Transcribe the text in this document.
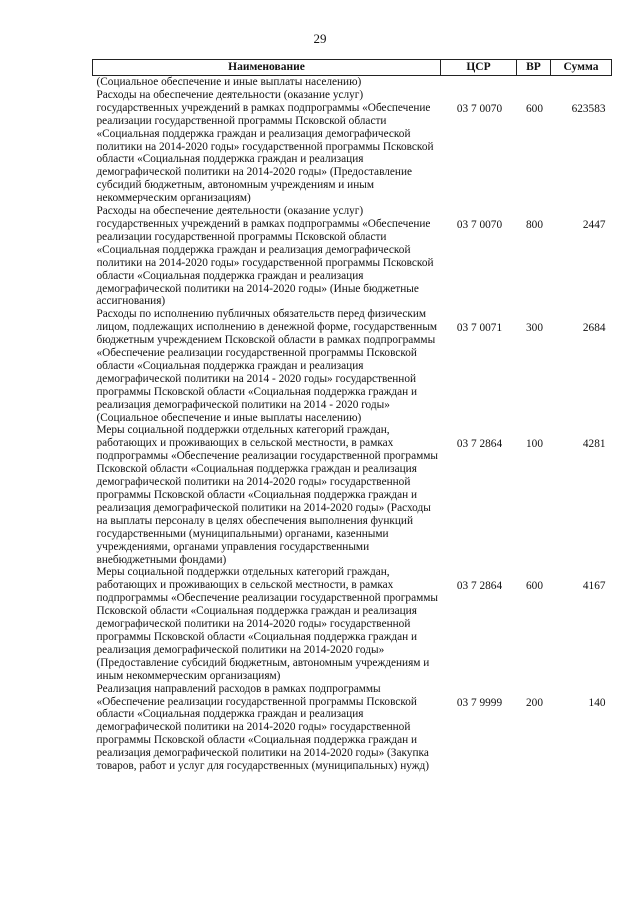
29
Наименование	ЦСР	ВР	Сумма
(Социальное обеспечение и иные выплаты населению)			
Расходы на обеспечение деятельности (оказание услуг) государственных учреждений в рамках подпрограммы «Обеспечение реализации государственной программы Псковской области «Социальная поддержка граждан и реализация демографической политики на 2014-2020 годы» государственной программы Псковской области «Социальная поддержка граждан и реализация демографической политики на 2014-2020 годы» (Предоставление субсидий бюджетным, автономным учреждениям и иным некоммерческим организациям)	03 7 0070	600	623583
Расходы на обеспечение деятельности (оказание услуг) государственных учреждений в рамках подпрограммы «Обеспечение реализации государственной программы Псковской области «Социальная поддержка граждан и реализация демографической политики на 2014-2020 годы» государственной программы Псковской области «Социальная поддержка граждан и реализация демографической политики на 2014-2020 годы» (Иные бюджетные ассигнования)	03 7 0070	800	2447
Расходы по исполнению публичных обязательств перед физическим лицом, подлежащих исполнению в денежной форме, государственным бюджетным учреждением Псковской области в рамках подпрограммы «Обеспечение реализации государственной программы Псковской области «Социальная поддержка граждан и реализация демографической политики на 2014 - 2020 годы» государственной программы Псковской области «Социальная поддержка граждан и реализация демографической политики на 2014 - 2020 годы» (Социальное обеспечение и иные выплаты населению)	03 7 0071	300	2684
Меры социальной поддержки отдельных категорий граждан, работающих и проживающих в сельской местности, в рамках подпрограммы «Обеспечение реализации государственной программы Псковской области «Социальная поддержка граждан и реализация демографической политики на 2014-2020 годы» государственной программы Псковской области «Социальная поддержка граждан и реализация демографической политики на 2014-2020 годы» (Расходы на выплаты персоналу в целях обеспечения выполнения функций государственными (муниципальными) органами, казенными учреждениями, органами управления государственными внебюджетными фондами)	03 7 2864	100	4281
Меры социальной поддержки отдельных категорий граждан, работающих и проживающих в сельской местности, в рамках подпрограммы «Обеспечение реализации государственной программы Псковской области «Социальная поддержка граждан и реализация демографической политики на 2014-2020 годы» государственной программы Псковской области «Социальная поддержка граждан и реализация демографической политики на 2014-2020 годы» (Предоставление субсидий бюджетным, автономным учреждениям и иным некоммерческим организациям)	03 7 2864	600	4167
Реализация направлений расходов в рамках подпрограммы «Обеспечение реализации государственной программы Псковской области «Социальная поддержка граждан и реализация демографической политики на 2014-2020 годы» государственной программы Псковской области «Социальная поддержка граждан и реализация демографической политики на 2014-2020 годы» (Закупка товаров, работ и услуг для государственных (муниципальных) нужд)	03 7 9999	200	140
